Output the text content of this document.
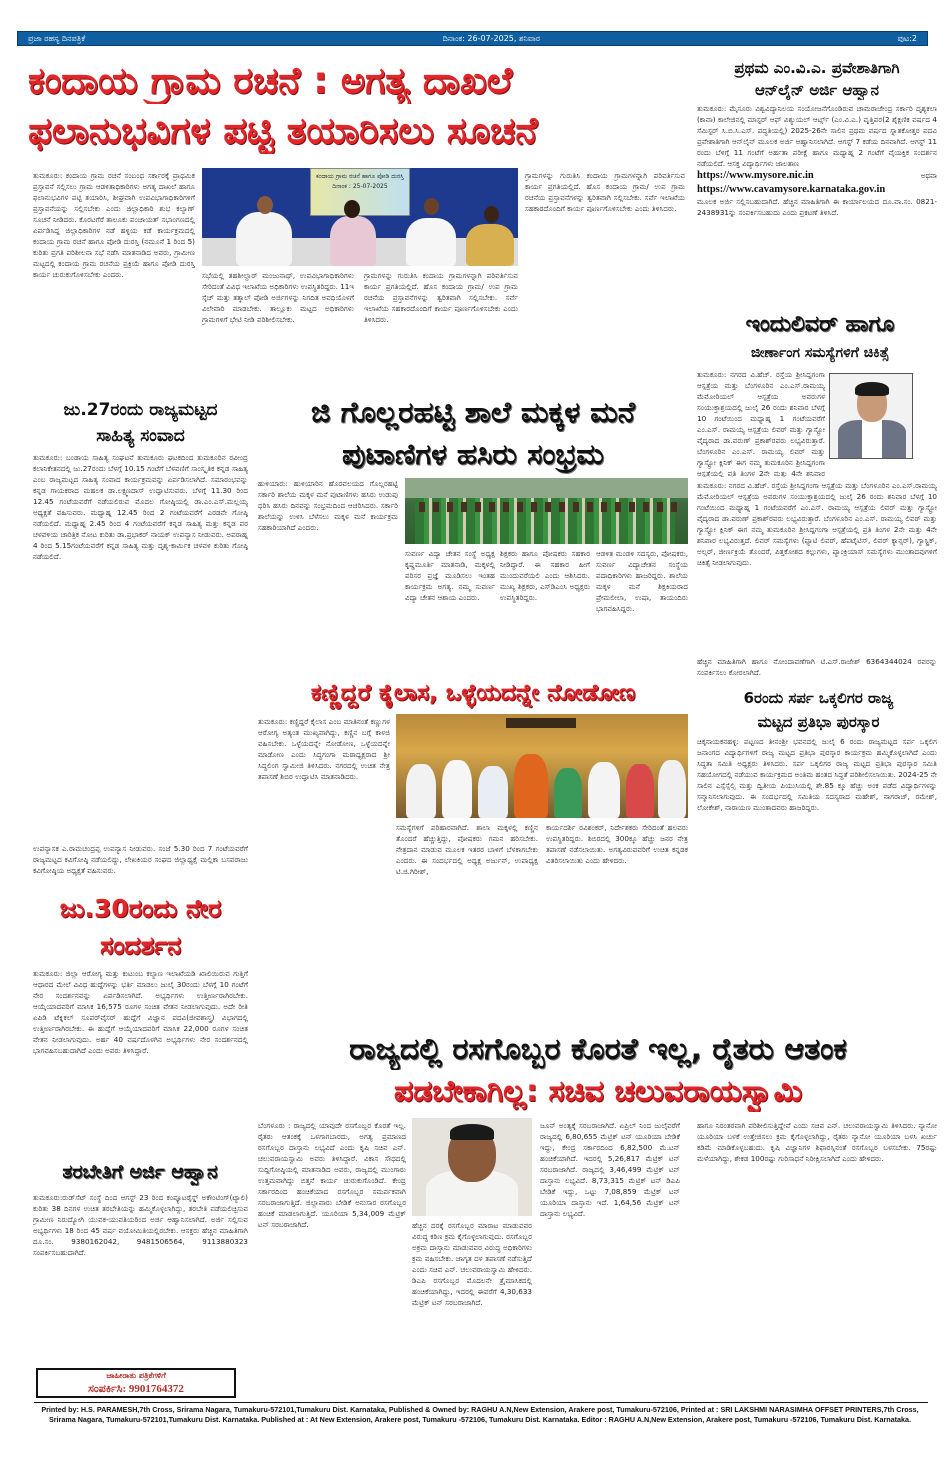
ಪ್ರಜಾ ರಹಸ್ಯ ದಿನಪತ್ರಿಕೆ	ದಿನಾಂಕ: 26-07-2025, ಶನಿವಾರ	ಪುಟ:2
ಕಂದಾಯ ಗ್ರಾಮ ರಚನೆ : ಅಗತ್ಯ ದಾಖಲೆ
ಫಲಾನುಭವಿಗಳ ಪಟ್ಟಿ ತಯಾರಿಸಲು ಸೂಚನೆ
ಪ್ರಥಮ ಎಂ.ವಿ.ಎ. ಪ್ರವೇಶಾತಿಗಾಗಿ
ಆನ್‌ಲೈನ್ ಅರ್ಜಿ ಆಹ್ವಾನ
ತುಮಕೂರು: ಮೈಸೂರು ವಿಶ್ವವಿದ್ಯಾನಿಲಯ ಸಂಯೋಜನೆಗೊಂಡಿರುವ ಚಾಮರಾಜೇಂದ್ರ ಸರ್ಕಾರಿ ದೃಶ್ಯಕಲಾ (ಕಾವಾ) ಕಾಲೇಜಿನಲ್ಲಿ ಮಾಸ್ಟರ್ ಆಫ್ ವಿಶ್ಯುಯಲ್ ಆರ್ಟ್ಸ್ (ಎಂ.ವಿ.ಎ.) ವೃತ್ತಿಪರ(2 ಶೈಕ್ಷಣಿಕ ವರ್ಷದ 4 ಸೆಮಿಸ್ಟರ್ ಸಿ.ಬಿ.ಸಿ.ಎಸ್. ಪದ್ಧತಿಯಲ್ಲಿ) 2025-26ನೇ ಸಾಲಿನ ಪ್ರಥಮ ವರ್ಷದ ಸ್ನಾತಕೋತ್ತರ ಪದವಿ ಪ್ರವೇಶಾತಿಗಾಗಿ ಆನ್‌ಲೈನ್ ಮೂಲಕ ಅರ್ಜಿ ಆಹ್ವಾನಿಸಲಾಗಿದೆ. ಆಗಸ್ಟ್ 7 ಕಡೆಯ ದಿನವಾಗಿದೆ. ಆಗಸ್ಟ್ 11 ರಂದು ಬೆಳಿಗ್ಗೆ 11 ಗಂಟೆಗೆ ಅರ್ಹತಾ ಪರೀಕ್ಷೆ ಹಾಗೂ ಮಧ್ಯಾಹ್ನ 2 ಗಂಟೆಗೆ ವೈಯಕ್ತಿಕ ಸಂದರ್ಶನ ನಡೆಯಲಿದೆ. ಆಸಕ್ತ ವಿದ್ಯಾರ್ಥಿಗಳು ಜಾಲತಾಣ
https://www.mysore.nic.in	ಅಥವಾ https://www.cavamysore.karnataka.gov.in
ಮೂಲಕ ಅರ್ಜಿ ಸಲ್ಲಿಸಬಹುದಾಗಿದೆ. ಹೆಚ್ಚಿನ ಮಾಹಿತಿಗಾಗಿ ಈ ಕಾರ್ಯಾಲಯದ ದೂ.ವಾ.ಸಂ. 0821-2438931ನ್ನು ಸಂಪರ್ಕಿಸಬಹುದು ಎಂದು ಪ್ರಕಟಣೆ ತಿಳಿಸಿದೆ.
ತುಮಕೂರು: ಕಂದಾಯ ಗ್ರಾಮ ರಚನೆ ಸಂಬಂಧ ಸರ್ಕಾರಕ್ಕೆ ಪ್ರಾಥಮಿಕ ಪ್ರಸ್ತಾವನೆ ಸಲ್ಲಿಸಲು ಗ್ರಾಮ ಆಡಳಿತಾಧಿಕಾರಿಗಳು ಅಗತ್ಯ ದಾಖಲೆ ಹಾಗೂ ಫಲಾನುಭವಿಗಳ ಪಟ್ಟಿ ತಯಾರಿಸಿ, ಶೀಘ್ರವಾಗಿ ಉಪವಿಭಾಗಾಧಿಕಾರಿಗಳಿಗೆ ಪ್ರಸ್ತಾವನೆಯನ್ನು ಸಲ್ಲಿಸಬೇಕು ಎಂದು ಜಿಲ್ಲಾಧಿಕಾರಿ ಶುಭ ಕಲ್ಯಾಣ್ ಸೂಚನೆ ನೀಡಿದರು. ಕೊರಟಗೆರೆ ತಾಲೂಕು ಪಂಚಾಯತ್ ಸಭಾಂಗಣದಲ್ಲಿ ಏರ್ಪಡಿಸಿದ್ದ ಜಿಲ್ಲಾಧಿಕಾರಿಗಳ ನಡೆ ಹಳ್ಳಿಯ ಕಡೆ ಕಾರ್ಯಕ್ರಮದಲ್ಲಿ ಕಂದಾಯ ಗ್ರಾಮ ರಚನೆ ಹಾಗೂ ಪೋಡಿ ದುರಸ್ತಿ (ನಮೂನೆ 1 ರಿಂದ 5) ಕುರಿತು ಪ್ರಗತಿ ಪರಿಶೀಲನಾ ಸಭೆ ನಡೆಸಿ ಮಾತನಾಡಿದ ಅವರು, ಗ್ರಾಮೀಣ ಮಟ್ಟದಲ್ಲಿ ಕಂದಾಯ ಗ್ರಾಮ ರಚನೆಯ ಪ್ರಕ್ರಿಯೆ ಹಾಗೂ ಪೋಡಿ ದುರಸ್ತಿ ಕಾರ್ಯ ಚುರುಕುಗೊಳಿಸಬೇಕು ಎಂದರು.
ಕಂದಾಯ ಗ್ರಾಮ ರಚನೆ ಹಾಗೂ ಪೋಡಿ ದುರಸ್ತಿ
ದಿನಾಂಕ : 25-07-2025
ಸಭೆಯಲ್ಲಿ ತಹಶೀಲ್ದಾರ್ ಮಂಜುನಾಥ್, ಉಪವಿಭಾಗಾಧಿಕಾರಿಗಳು ಸೇರಿದಂತೆ ವಿವಿಧ ಇಲಾಖೆಯ ಅಧಿಕಾರಿಗಳು ಉಪಸ್ಥಿತರಿದ್ದರು. 11ಇ ಸ್ಕೆಚ್ ಮತ್ತು ತತ್ಕಾಲ್ ಪೋಡಿ ಅರ್ಜಿಗಳನ್ನು ನಿಗದಿತ ಅವಧಿಯೊಳಗೆ ವಿಲೇವಾರಿ ಮಾಡಬೇಕು. ತಾಲ್ಲೂಕು ಮಟ್ಟದ ಅಧಿಕಾರಿಗಳು ಗ್ರಾಮಗಳಿಗೆ ಭೇಟಿ ನೀಡಿ ಪರಿಶೀಲಿಸಬೇಕು.
ಗ್ರಾಮಗಳನ್ನು ಗುರುತಿಸಿ ಕಂದಾಯ ಗ್ರಾಮಗಳನ್ನಾಗಿ ಪರಿವರ್ತಿಸುವ ಕಾರ್ಯ ಪ್ರಗತಿಯಲ್ಲಿದೆ. ಹೊಸ ಕಂದಾಯ ಗ್ರಾಮ/ ಉಪ ಗ್ರಾಮ ರಚನೆಯ ಪ್ರಸ್ತಾವನೆಗಳನ್ನು ತ್ವರಿತವಾಗಿ ಸಲ್ಲಿಸಬೇಕು. ಸರ್ವೆ ಇಲಾಖೆಯ ಸಹಕಾರದೊಂದಿಗೆ ಕಾರ್ಯ ಪೂರ್ಣಗೊಳಿಸಬೇಕು ಎಂದು ತಿಳಿಸಿದರು.
ಗ್ರಾಮಗಳನ್ನು ಗುರುತಿಸಿ ಕಂದಾಯ ಗ್ರಾಮಗಳನ್ನಾಗಿ ಪರಿವರ್ತಿಸುವ ಕಾರ್ಯ ಪ್ರಗತಿಯಲ್ಲಿದೆ. ಹೊಸ ಕಂದಾಯ ಗ್ರಾಮ/ ಉಪ ಗ್ರಾಮ ರಚನೆಯ ಪ್ರಸ್ತಾವನೆಗಳನ್ನು ತ್ವರಿತವಾಗಿ ಸಲ್ಲಿಸಬೇಕು. ಸರ್ವೆ ಇಲಾಖೆಯ ಸಹಕಾರದೊಂದಿಗೆ ಕಾರ್ಯ ಪೂರ್ಣಗೊಳಿಸಬೇಕು ಎಂದು ತಿಳಿಸಿದರು.
ಇಂದುಲಿವರ್ ಹಾಗೂ
ಜೀರ್ಣಾಂಗ ಸಮಸ್ಯೆಗಳಿಗೆ ಚಿಕಿತ್ಸೆ
ತುಮಕೂರು: ನಗರದ ವಿ.ಹೆಚ್. ರಸ್ತೆಯ ಶ್ರೀಸಿದ್ದಗಂಗಾ ಆಸ್ಪತ್ರೆಯ ಮತ್ತು ಬೆಂಗಳೂರಿನ ಎಂ.ಎಸ್.ರಾಮಯ್ಯ ಮೆಮೋರಿಯಲ್ ಆಸ್ಪತ್ರೆಯ ಅವರುಗಳ ಸಂಯುಕ್ತಾಶ್ರಯದಲ್ಲಿ ಜುಲೈ 26 ರಂದು ಶನಿವಾರ ಬೆಳಗ್ಗೆ 10 ಗಂಟೆಯಿಂದ ಮಧ್ಯಾಹ್ನ 1 ಗಂಟೆಯವರೆಗೆ ಎಂ.ಎಸ್. ರಾಮಯ್ಯ ಆಸ್ಪತ್ರೆಯ ಲಿವರ್ ಮತ್ತು ಗ್ಯಾಸ್ಟ್ರೋ ವೈದ್ಯರಾದ ಡಾ.ವರುಣ್ ಪ್ರಕಾಶ್‌ರವರು ಲಭ್ಯವಿರುತ್ತಾರೆ. ಬೆಂಗಳೂರಿನ ಎಂ.ಎಸ್. ರಾಮಯ್ಯ ಲಿವರ್ ಮತ್ತು ಗ್ಯಾಸ್ಟ್ರೋ ಕ್ಲಿನಿಕ್ ಈಗ ನಮ್ಮ ತುಮಕೂರಿನ ಶ್ರೀಸಿದ್ದಗಂಗಾ ಆಸ್ಪತ್ರೆಯಲ್ಲಿ ಪ್ರತಿ ತಿಂಗಳ 2ನೇ ಮತ್ತು 4ನೇ ಶನಿವಾರ
ತುಮಕೂರು: ನಗರದ ವಿ.ಹೆಚ್. ರಸ್ತೆಯ ಶ್ರೀಸಿದ್ದಗಂಗಾ ಆಸ್ಪತ್ರೆಯ ಮತ್ತು ಬೆಂಗಳೂರಿನ ಎಂ.ಎಸ್.ರಾಮಯ್ಯ ಮೆಮೋರಿಯಲ್ ಆಸ್ಪತ್ರೆಯ ಅವರುಗಳ ಸಂಯುಕ್ತಾಶ್ರಯದಲ್ಲಿ ಜುಲೈ 26 ರಂದು ಶನಿವಾರ ಬೆಳಗ್ಗೆ 10 ಗಂಟೆಯಿಂದ ಮಧ್ಯಾಹ್ನ 1 ಗಂಟೆಯವರೆಗೆ ಎಂ.ಎಸ್. ರಾಮಯ್ಯ ಆಸ್ಪತ್ರೆಯ ಲಿವರ್ ಮತ್ತು ಗ್ಯಾಸ್ಟ್ರೋ ವೈದ್ಯರಾದ ಡಾ.ವರುಣ್ ಪ್ರಕಾಶ್‌ರವರು ಲಭ್ಯವಿರುತ್ತಾರೆ. ಬೆಂಗಳೂರಿನ ಎಂ.ಎಸ್. ರಾಮಯ್ಯ ಲಿವರ್ ಮತ್ತು ಗ್ಯಾಸ್ಟ್ರೋ ಕ್ಲಿನಿಕ್ ಈಗ ನಮ್ಮ ತುಮಕೂರಿನ ಶ್ರೀಸಿದ್ದಗಂಗಾ ಆಸ್ಪತ್ರೆಯಲ್ಲಿ ಪ್ರತಿ ತಿಂಗಳ 2ನೇ ಮತ್ತು 4ನೇ ಶನಿವಾರ ಲಭ್ಯವಿರುತ್ತದೆ. ಲಿವರ್ ಸಮಸ್ಯೆಗಳು (ಫ್ಯಾಟಿ ಲಿವರ್, ಹೆಪಟೈಟಿಸ್, ಲಿವರ್ ಕ್ಯಾನ್ಸರ್), ಗ್ಯಾಸ್ಟ್ರಿಕ್, ಅಲ್ಸರ್, ಜೀರ್ಣಕ್ರಿಯೆ ತೊಂದರೆ, ಪಿತ್ತಕೋಶದ ಕಲ್ಲುಗಳು, ಪ್ಯಾಂಕ್ರಿಯಾಸ್ ಸಮಸ್ಯೆಗಳು ಮುಂತಾದವುಗಳಿಗೆ ಚಿಕಿತ್ಸೆ ನೀಡಲಾಗುವುದು.
ಹೆಚ್ಚಿನ ಮಾಹಿತಿಗಾಗಿ ಹಾಗೂ ನೋಂದಾವಣೆಗಾಗಿ ಟಿ.ಎಸ್.ರಾಜೇಶ್ 6364344024 ರವರನ್ನು ಸಂಪರ್ಕಿಸಲು ಕೋರಲಾಗಿದೆ.
ಜು.27ರಂದು ರಾಜ್ಯಮಟ್ಟದ
ಸಾಹಿತ್ಯ ಸಂವಾದ
ತುಮಕೂರು: ಬಂಡಾಯ ಸಾಹಿತ್ಯ ಸಂಘಟನೆ ತುಮಕೂರು ಘಟಕದಿಂದ ತುಮಕೂರಿನ ರವೀಂದ್ರ ಕಲಾನಿಕೇತನದಲ್ಲಿ ಜು.27ರಂದು ಬೆಳಗ್ಗೆ 10.15 ಗಂಟೆಗೆ ಬೆಳವಣಿಗೆ ಸಾಂಸ್ಕೃತಿಕ ಕನ್ನಡ ಸಾಹಿತ್ಯ ಎಂಬ ರಾಜ್ಯಮಟ್ಟದ ಸಾಹಿತ್ಯ ಸಂವಾದ ಕಾರ್ಯಕ್ರಮವನ್ನು ಏರ್ಪಡಿಸಲಾಗಿದೆ. ಸಮಾರಂಭವನ್ನು ಕನ್ನಡ ಗಾಯಕರಾದ ಮಹಲಕ ಡಾ.ಲಕ್ಷ್ಮಣದಾಸ್ ಉದ್ಘಾಟಿಸುವರು. ಬೆಳಗ್ಗೆ 11.30 ರಿಂದ 12.45 ಗಂಟೆಯವರೆಗೆ ನಡೆಯಲಿರುವ ಮೊದಲ ಗೋಷ್ಠಿಯಲ್ಲಿ ಡಾ.ಎಂ.ಎಸ್.ಮಲ್ಲಯ್ಯ ಅಧ್ಯಕ್ಷತೆ ವಹಿಸುವರು. ಮಧ್ಯಾಹ್ನ 12.45 ರಿಂದ 2 ಗಂಟೆಯವರೆಗೆ ಎರಡನೇ ಗೋಷ್ಠಿ ನಡೆಯಲಿದೆ. ಮಧ್ಯಾಹ್ನ 2.45 ರಿಂದ 4 ಗಂಟೆಯವರೆಗೆ ಕನ್ನಡ ಸಾಹಿತ್ಯ ಮತ್ತು ಕನ್ನಡ ಪರ ಚಳವಳಿಯ ಚಾರಿತ್ರಿಕ ನೋಟ ಕುರಿತು ಡಾ.ಪ್ರಭಾಕರ್ ನಾಯಕ್ ಉಪನ್ಯಾಸ ನೀಡುವರು. ಅಪರಾಹ್ನ 4 ರಿಂದ 5.15ಗಂಟೆಯವರೆಗೆ ಕನ್ನಡ ಸಾಹಿತ್ಯ ಮತ್ತು ದೃಶ್ಯ-ಕಾರ್ಮಿಕ ಚಳವಳಿ ಕುರಿತು ಗೋಷ್ಠಿ ನಡೆಯಲಿದೆ.
ಉಪನ್ಯಾಸಕ ಎ.ರಾಮಚಂದ್ರಪ್ಪ ಉಪನ್ಯಾಸ ನೀಡುವರು. ಸಂಜೆ 5.30 ರಿಂದ 7 ಗಂಟೆಯವರೆಗೆ ರಾಜ್ಯಮಟ್ಟದ ಕವಿಗೋಷ್ಠಿ ನಡೆಯಲಿದ್ದು, ಲೇಖಕಿಯರ ಸಂಘದ ಜಿಲ್ಲಾಧ್ಯಕ್ಷೆ ಮಲ್ಲಿಕಾ ಬಸವರಾಜು ಕವಿಗೋಷ್ಠಿಯ ಅಧ್ಯಕ್ಷತೆ ವಹಿಸುವರು.
ಜು.30ರಂದು ನೇರ
ಸಂದರ್ಶನ
ತುಮಕೂರು: ಜಿಲ್ಲಾ ಆರೋಗ್ಯ ಮತ್ತು ಕುಟುಂಬ ಕಲ್ಯಾಣ ಇಲಾಖೆಯಡಿ ಖಾಲಿಯಿರುವ ಗುತ್ತಿಗೆ ಆಧಾರದ ಮೇಲೆ ವಿವಿಧ ಹುದ್ದೆಗಳನ್ನು ಭರ್ತಿ ಮಾಡಲು ಜುಲೈ 30ರಂದು ಬೆಳಗ್ಗೆ 10 ಗಂಟೆಗೆ ನೇರ ಸಂದರ್ಶನವನ್ನು ಏರ್ಪಡಿಸಲಾಗಿದೆ. ಅಭ್ಯರ್ಥಿಗಳು ಉತ್ತೀರ್ಣರಾಗಿರಬೇಕು. ಆಯ್ಕೆಯಾದವರಿಗೆ ಮಾಸಿಕ 16,575 ರೂಗಳ ಸಂಚಿತ ವೇತನ ನೀಡಲಾಗುವುದು. ಅದೇ ರೀತಿ ಏಪಿಡಿ ಟೆಕ್ನಿಕಲ್ ಸೂಪರ್‌ವೈಸರ್ ಹುದ್ದೆಗೆ ವಿಜ್ಞಾನ ಪದವಿ(ಜೀವಶಾಸ್ತ್ರ) ವಿಭಾಗದಲ್ಲಿ ಉತ್ತೀರ್ಣರಾಗಿರಬೇಕು. ಈ ಹುದ್ದೆಗೆ ಆಯ್ಕೆಯಾದವರಿಗೆ ಮಾಸಿಕ 22,000 ರೂಗಳ ಸಂಚಿತ ವೇತನ ನೀಡಲಾಗುವುದು. ಅರ್ಹ 40 ವರ್ಷದೊಳಗಿನ ಅಭ್ಯರ್ಥಿಗಳು ನೇರ ಸಂದರ್ಶನದಲ್ಲಿ ಭಾಗವಹಿಸಬಹುದಾಗಿದೆ ಎಂದು ಅವರು ತಿಳಿಸಿದ್ದಾರೆ.
ತರಬೇತಿಗೆ ಅರ್ಜಿ ಆಹ್ವಾನ
ತುಮಕೂರು:ರುಡ್‌ಸೆಟ್ ಸಂಸ್ಥೆ ದಿಂದ ಆಗಸ್ಟ್ 23 ರಿಂದ ಕಂಪ್ಯೂಟರೈಸ್ಡ್ ಅಕೌಂಟಿಂಗ್(ಟ್ಯಾಲಿ) ಕುರಿತು 38 ದಿನಗಳ ಉಚಿತ ತರಬೇತಿಯನ್ನು ಹಮ್ಮಿಕೊಳ್ಳಲಾಗಿದ್ದು, ತರಬೇತಿ ಪಡೆಯಲಿಚ್ಛಿಸುವ ಗ್ರಾಮೀಣ ನಿರುದ್ಯೋಗಿ ಯುವಕ-ಯುವತಿಯರಿಂದ ಅರ್ಜಿ ಆಹ್ವಾನಿಸಲಾಗಿದೆ. ಅರ್ಜಿ ಸಲ್ಲಿಸುವ ಅಭ್ಯರ್ಥಿಗಳು 18 ರಿಂದ 45 ವರ್ಷ ವಯೋಮಿತಿಯಲ್ಲಿರಬೇಕು. ಆಸಕ್ತರು ಹೆಚ್ಚಿನ ಮಾಹಿತಿಗಾಗಿ ದೂ.ಸಂ. 9380162042, 9481506564, 9113880323 ಸಂಪರ್ಕಿಸಬಹುದಾಗಿದೆ.
ಜಾಹೀರಾತು ಪತ್ರಿಕೆಗಳಿಗೆ
ಸಂಪರ್ಕಿಸಿ: 9901764372
ಜಿ ಗೊಲ್ಲರಹಟ್ಟಿ ಶಾಲೆ ಮಕ್ಕಳ ಮನೆ
ಪುಟಾಣಿಗಳ ಹಸಿರು ಸಂಭ್ರಮ
ಹುಳಿಯಾರು: ಹುಳಿಯಾರಿನ ಹೊರವಲಯದ ಗೊಲ್ಲರಹಟ್ಟಿ ಸರ್ಕಾರಿ ಶಾಲೆಯ ಮಕ್ಕಳ ಮನೆ ಪುಟಾಣಿಗಳು ಹಸಿರು ಉಡುಪು ಧರಿಸಿ ಹಸಿರು ದಿನವನ್ನು ಸಂಭ್ರಮದಿಂದ ಆಚರಿಸಿದರು. ಸರ್ಕಾರಿ ಶಾಲೆಯನ್ನು ಉಳಿಸಿ ಬೆಳೆಸಲು ಮಕ್ಕಳ ಮನೆ ಕಾರ್ಯಕ್ರಮ ಸಹಕಾರಿಯಾಗಿದೆ ಎಂದರು.
ಸುವರ್ಣ ವಿದ್ಯಾ ಚೇತನ ಸಂಸ್ಥೆ ಅಧ್ಯಕ್ಷ ಕೃಷ್ಣಮೂರ್ತಿ ಮಾತನಾಡಿ, ಮಕ್ಕಳಲ್ಲಿ ಪರಿಸರ ಪ್ರಜ್ಞೆ ಮೂಡಿಸಲು ಇಂತಹ ಕಾರ್ಯಕ್ರಮ ಅಗತ್ಯ. ನಮ್ಮ ಸುವರ್ಣ ವಿದ್ಯಾ ಚೇತನ ಆಶಾಯ ಎಂದರು.
ಶಿಕ್ಷಕರು ಹಾಗೂ ಪೋಷಕರು ಸಹಕಾರ ನೀಡಿದ್ದಾರೆ. ಈ ಸಹಕಾರ ಹೀಗೆ ಮುಂದುವರೆಯಲಿ ಎಂದು ಆಶಿಸಿದರು. ಮುಖ್ಯ ಶಿಕ್ಷಕರು, ಎಸ್‌ಡಿಎಂಸಿ ಅಧ್ಯಕ್ಷರು ಉಪಸ್ಥಿತರಿದ್ದರು.
ಆಡಳಿತ ಮಂಡಳಿ ಸದಸ್ಯರು, ಪೋಷಕರು, ಸುವರ್ಣ ವಿದ್ಯಾಚೇತನ ಸಂಸ್ಥೆಯ ಪದಾಧಿಕಾರಿಗಳು ಹಾಜರಿದ್ದರು. ಶಾಲೆಯ ಮಕ್ಕಳ ಮನೆ ಶಿಕ್ಷಕಿಯರಾದ ಪ್ರೇಮಲೀಲಾ, ಉಷಾ, ತಾಯಂದಿರು ಭಾಗವಹಿಸಿದ್ದರು.
ಕಣ್ಣಿದ್ದರೆ ಕೈಲಾಸ, ಒಳ್ಳೆಯದನ್ನೇ ನೋಡೋಣ
ತುಮಕೂರು: ಕಣ್ಣಿದ್ದರೆ ಕೈಲಾಸ ಎಂಬ ಮಾತಿನಂತೆ ಕಣ್ಣುಗಳ ಆರೋಗ್ಯ ಅತ್ಯಂತ ಮುಖ್ಯವಾಗಿದ್ದು, ಕಣ್ಣಿನ ಬಗ್ಗೆ ಕಾಳಜಿ ವಹಿಸಬೇಕು. ಒಳ್ಳೆಯದನ್ನೇ ನೋಡೋಣ, ಒಳ್ಳೆಯದನ್ನೇ ಮಾಡೋಣ ಎಂದು ಸಿದ್ಧಗಂಗಾ ಮಠಾಧ್ಯಕ್ಷರಾದ ಶ್ರೀ ಸಿದ್ಧಲಿಂಗ ಸ್ವಾಮೀಜಿ ತಿಳಿಸಿದರು. ನಗರದಲ್ಲಿ ಉಚಿತ ನೇತ್ರ ತಪಾಸಣೆ ಶಿಬಿರ ಉದ್ಘಾಟಿಸಿ ಮಾತನಾಡಿದರು.
ಸಮಸ್ಯೆಗಳಿಗೆ ಪರಿಹಾರವಾಗಿದೆ. ಶಾಲಾ ಮಕ್ಕಳಲ್ಲಿ ಕಣ್ಣಿನ ತೊಂದರೆ ಹೆಚ್ಚುತ್ತಿದ್ದು, ಪೋಷಕರು ಗಮನ ಹರಿಸಬೇಕು. ನೇತ್ರದಾನ ಮಾಡುವ ಮೂಲಕ ಇತರರ ಬಾಳಿಗೆ ಬೆಳಕಾಗಬೇಕು ಎಂದರು. ಈ ಸಂದರ್ಭದಲ್ಲಿ ಅಧ್ಯಕ್ಷ ಅರ್ಜುನ್, ಉಪಾಧ್ಯಕ್ಷ ಟಿ.ಜಿ.ಗಿರೀಶ್,
ಕಾರ್ಯದರ್ಶಿ ರವಿಶಂಕರ್, ನಿರ್ದೇಶಕರು ಸೇರಿದಂತೆ ಹಲವರು ಉಪಸ್ಥಿತರಿದ್ದರು. ಶಿಬಿರದಲ್ಲಿ 300ಕ್ಕೂ ಹೆಚ್ಚು ಜನರ ನೇತ್ರ ತಪಾಸಣೆ ನಡೆಸಲಾಯಿತು. ಅಗತ್ಯವಿರುವವರಿಗೆ ಉಚಿತ ಕನ್ನಡಕ ವಿತರಿಸಲಾಯಿತು ಎಂದು ಹೇಳಿದರು.
6ರಂದು ಸರ್ಪ ಒಕ್ಕಲಿಗರ ರಾಜ್ಯ
ಮಟ್ಟದ ಪ್ರತಿಭಾ ಪುರಸ್ಕಾರ
ಚಿಕ್ಕನಾಯಕನಹಳ್ಳಿ: ಪಟ್ಟಣದ ತೀನಂಶ್ರೀ ಭವನದಲ್ಲಿ ಜುಲೈ 6 ರಂದು ರಾಜ್ಯಮಟ್ಟದ ಸರ್ಪ ಒಕ್ಕಲಿಗ ಜನಾಂಗದ ವಿದ್ಯಾರ್ಥಿಗಳಿಗೆ ರಾಜ್ಯ ಮಟ್ಟದ ಪ್ರತಿಭಾ ಪುರಸ್ಕಾರ ಕಾರ್ಯಕ್ರಮ ಹಮ್ಮಿಕೊಳ್ಳಲಾಗಿದೆ ಎಂದು ಸಿದ್ಧತಾ ಸಮಿತಿ ಅಧ್ಯಕ್ಷರು ತಿಳಿಸಿದರು. ಸರ್ಪ ಒಕ್ಕಲಿಗರ ರಾಜ್ಯ ಮಟ್ಟದ ಪ್ರತಿಭಾ ಪುರಸ್ಕಾರ ಸಮಿತಿ ಸಹಯೋಗದಲ್ಲಿ ನಡೆಯುವ ಕಾರ್ಯಕ್ರಮದ ಅಂತಿಮ ಹಂತದ ಸಿದ್ಧತೆ ಪರಿಶೀಲಿಸಲಾಯಿತು. 2024-25 ನೇ ಸಾಲಿನ ಎಸ್ಸೆಸ್ಸೆಲ್ಸಿ ಮತ್ತು ದ್ವಿತೀಯ ಪಿಯುಸಿಯಲ್ಲಿ ಶೇ.85 ಕ್ಕೂ ಹೆಚ್ಚು ಅಂಕ ಪಡೆದ ವಿದ್ಯಾರ್ಥಿಗಳನ್ನು ಸನ್ಮಾನಿಸಲಾಗುವುದು. ಈ ಸಂದರ್ಭದಲ್ಲಿ ಸಮಿತಿಯ ಸದಸ್ಯರಾದ ಮಹೇಶ್, ನಾಗರಾಜ್, ರಮೇಶ್, ಲೋಕೇಶ್, ನಾರಾಯಣ ಮುಂತಾದವರು ಹಾಜರಿದ್ದರು.
ರಾಜ್ಯದಲ್ಲಿ ರಸಗೊಬ್ಬರ ಕೊರತೆ ಇಲ್ಲ, ರೈತರು ಆತಂಕ
ಪಡಬೇಕಾಗಿಲ್ಲ: ಸಚಿವ ಚಲುವರಾಯಸ್ವಾಮಿ
ಬೆಂಗಳೂರು : ರಾಜ್ಯದಲ್ಲಿ ಯಾವುದೇ ರಸಗೊಬ್ಬರ ಕೊರತೆ ಇಲ್ಲ. ರೈತರು ಆತಂಕಕ್ಕೆ ಒಳಗಾಗಬಾರದು, ಅಗತ್ಯ ಪ್ರಮಾಣದ ರಸಗೊಬ್ಬರ ದಾಸ್ತಾನು ಲಭ್ಯವಿದೆ ಎಂದು ಕೃಷಿ ಸಚಿವ ಎನ್. ಚಲುವರಾಯಸ್ವಾಮಿ ಅವರು ತಿಳಿಸಿದ್ದಾರೆ. ವಿಕಾಸ ಸೌಧದಲ್ಲಿ ಸುದ್ದಿಗೋಷ್ಠಿಯಲ್ಲಿ ಮಾತನಾಡಿದ ಅವರು, ರಾಜ್ಯದಲ್ಲಿ ಮುಂಗಾರು ಉತ್ತಮವಾಗಿದ್ದು ಬಿತ್ತನೆ ಕಾರ್ಯ ಚುರುಕುಗೊಂಡಿದೆ. ಕೇಂದ್ರ ಸರ್ಕಾರದಿಂದ ಹಂಚಿಕೆಯಾದ ರಸಗೊಬ್ಬರ ಸಮರ್ಪಕವಾಗಿ ಸರಬರಾಜಾಗುತ್ತಿದೆ. ಜಿಲ್ಲಾವಾರು ಬೇಡಿಕೆ ಅನುಸಾರ ರಸಗೊಬ್ಬರ ಹಂಚಿಕೆ ಮಾಡಲಾಗುತ್ತಿದೆ. ಯೂರಿಯಾ 5,34,009 ಮೆಟ್ರಿಕ್ ಟನ್ ಸರಬರಾಜಾಗಿದೆ.	ಹೆಚ್ಚಿನ ದರಕ್ಕೆ ರಸಗೊಬ್ಬರ ಮಾರಾಟ ಮಾಡುವವರ ವಿರುದ್ಧ ಕಠಿಣ ಕ್ರಮ ಕೈಗೊಳ್ಳಲಾಗುವುದು. ರಸಗೊಬ್ಬರ ಅಕ್ರಮ ದಾಸ್ತಾನು ಮಾಡುವವರ ವಿರುದ್ಧ ಅಧಿಕಾರಿಗಳು ಕ್ರಮ ವಹಿಸಬೇಕು. ಜಾಗೃತ ದಳ ತಪಾಸಣೆ ನಡೆಸುತ್ತಿದೆ ಎಂದು ಸಚಿವ ಎನ್. ಚಲುವರಾಯಸ್ವಾಮಿ ಹೇಳಿದರು. ಡಿಎಪಿ ರಸಗೊಬ್ಬರ ಮೊದಲನೇ ತ್ರೈಮಾಸಿಕದಲ್ಲಿ ಹಂಚಿಕೆಯಾಗಿದ್ದು, ಇದರಲ್ಲಿ ಈವರೆಗೆ 4,30,633 ಮೆಟ್ರಿಕ್ ಟನ್ ಸರಬರಾಜಾಗಿದೆ.
ಜೂನ್ ಅಂತ್ಯಕ್ಕೆ ಸರಬರಾಜಾಗಿದೆ. ಏಪ್ರಿಲ್ ನಿಂದ ಜುಲೈವರೆಗೆ ರಾಜ್ಯದಲ್ಲಿ 6,80,655 ಮೆಟ್ರಿಕ್ ಟನ್ ಯೂರಿಯಾ ಬೇಡಿಕೆ ಇದ್ದು, ಕೇಂದ್ರ ಸರ್ಕಾರದಿಂದ 6,82,500 ಮೆ.ಟನ್ ಹಂಚಿಕೆಯಾಗಿದೆ. ಇದರಲ್ಲಿ 5,26,817 ಮೆಟ್ರಿಕ್ ಟನ್ ಸರಬರಾಜಾಗಿದೆ. ರಾಜ್ಯದಲ್ಲಿ 3,46,499 ಮೆಟ್ರಿಕ್ ಟನ್ ದಾಸ್ತಾನು ಲಭ್ಯವಿದೆ. 8,73,315 ಮೆಟ್ರಿಕ್ ಟನ್ ಡಿಎಪಿ ಬೇಡಿಕೆ ಇದ್ದು, ಒಟ್ಟು 7,08,859 ಮೆಟ್ರಿಕ್ ಟನ್ ಯೂರಿಯಾ ದಾಸ್ತಾನು ಇದೆ. 1,64,56 ಮೆಟ್ರಿಕ್ ಟನ್ ದಾಸ್ತಾನು ಲಭ್ಯವಿದೆ.
ಹಾಗೂ ನಿರಂತರವಾಗಿ ಪರಿಶೀಲಿಸುತ್ತಿದ್ದೇವೆ ಎಂದು ಸಚಿವ ಎನ್. ಚಲುವರಾಯಸ್ವಾಮಿ ತಿಳಿಸಿದರು. ನ್ಯಾನೋ ಯೂರಿಯಾ ಬಳಕೆ ಉತ್ತೇಜಿಸಲು ಕ್ರಮ ಕೈಗೊಳ್ಳಲಾಗಿದ್ದು, ರೈತರು ನ್ಯಾನೋ ಯೂರಿಯಾ ಬಳಸಿ ಖರ್ಚು ಕಡಿಮೆ ಮಾಡಿಕೊಳ್ಳಬಹುದು. ಕೃಷಿ ವಿಜ್ಞಾನಿಗಳ ಶಿಫಾರಸ್ಸಿನಂತೆ ರಸಗೊಬ್ಬರ ಬಳಸಬೇಕು. 75ರಷ್ಟು ಮಳೆಯಾಗಿದ್ದು, ಶೇಕಡ 100ರಷ್ಟು ಗುರಿಸಾಧನೆ ನಿರೀಕ್ಷಿಸಲಾಗಿದೆ ಎಂದು ಹೇಳಿದರು.
Printed by: H.S. PARAMESH,7th Cross, Srirama Nagara, Tumakuru-572101,Tumakuru Dist. Karnataka, Published & Owned by: RAGHU A.N,New Extension, Arakere post, Tumakuru-572106, Printed at : SRI LAKSHMI NARASIMHA OFFSET PRINTERS,7th Cross,
Srirama Nagara, Tumakuru-572101,Tumakuru Dist. Karnataka. Published at : At New Extension, Arakere post, Tumakuru -572106, Tumakuru Dist. Karnataka. Editor : RAGHU A.N,New Extension, Arakere post, Tumakuru -572106, Tumakuru Dist. Karnataka.
